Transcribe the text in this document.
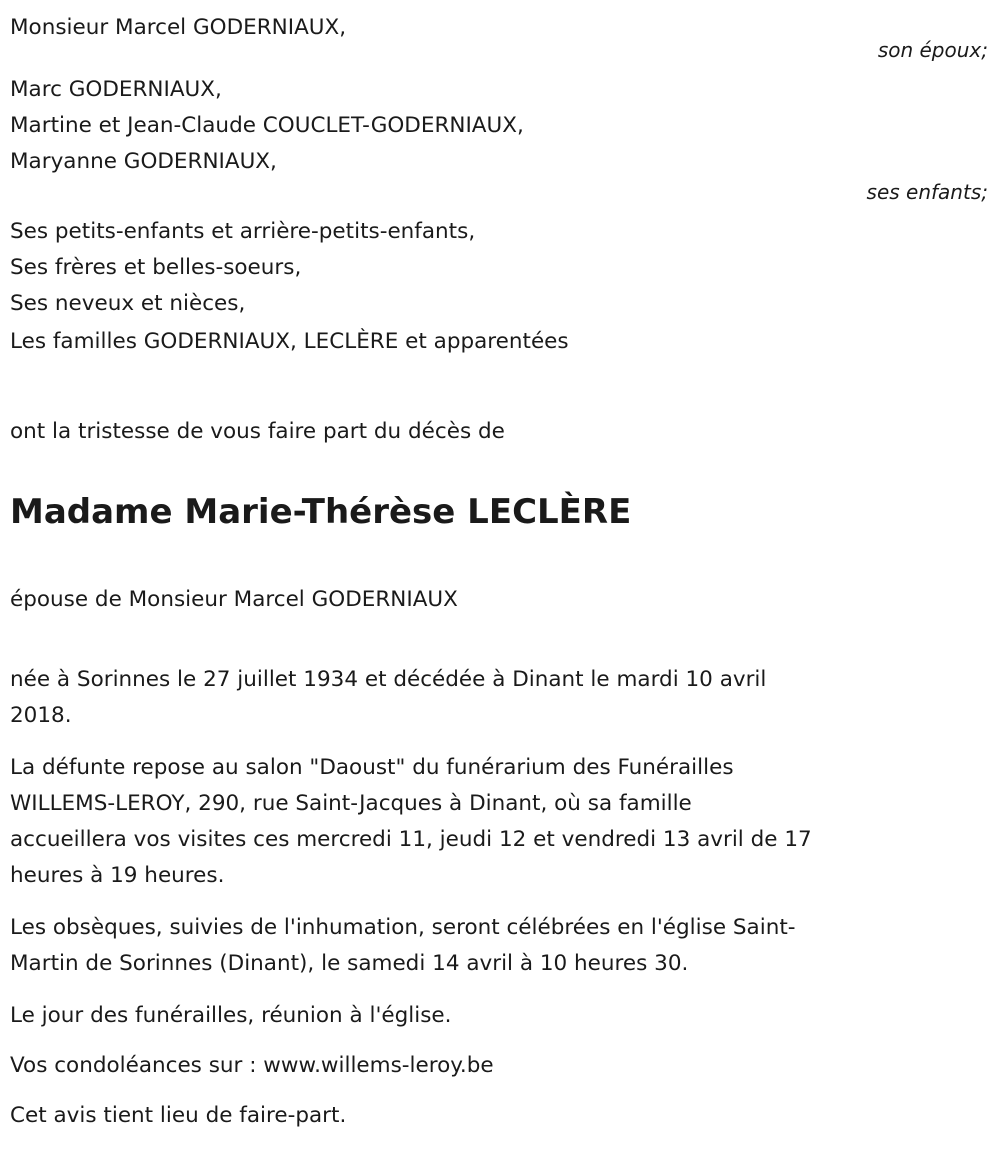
Monsieur Marcel GODERNIAUX,
son époux;
Marc GODERNIAUX,
Martine et Jean-Claude COUCLET-GODERNIAUX,
Maryanne GODERNIAUX,
ses enfants;
Ses petits-enfants et arrière-petits-enfants,
Ses frères et belles-soeurs,
Ses neveux et nièces,
Les familles GODERNIAUX, LECLÈRE et apparentées
ont la tristesse de vous faire part du décès de
Madame Marie-Thérèse LECLÈRE
épouse de Monsieur Marcel GODERNIAUX
née à Sorinnes le 27 juillet 1934 et décédée à Dinant le mardi 10 avril
2018.
La défunte repose au salon "Daoust" du funérarium des Funérailles
WILLEMS-LEROY, 290, rue Saint-Jacques à Dinant, où sa famille
accueillera vos visites ces mercredi 11, jeudi 12 et vendredi 13 avril de 17
heures à 19 heures.
Les obsèques, suivies de l'inhumation, seront célébrées en l'église Saint-
Martin de Sorinnes (Dinant), le samedi 14 avril à 10 heures 30.
Le jour des funérailles, réunion à l'église.
Vos condoléances sur : www.willems-leroy.be
Cet avis tient lieu de faire-part.
